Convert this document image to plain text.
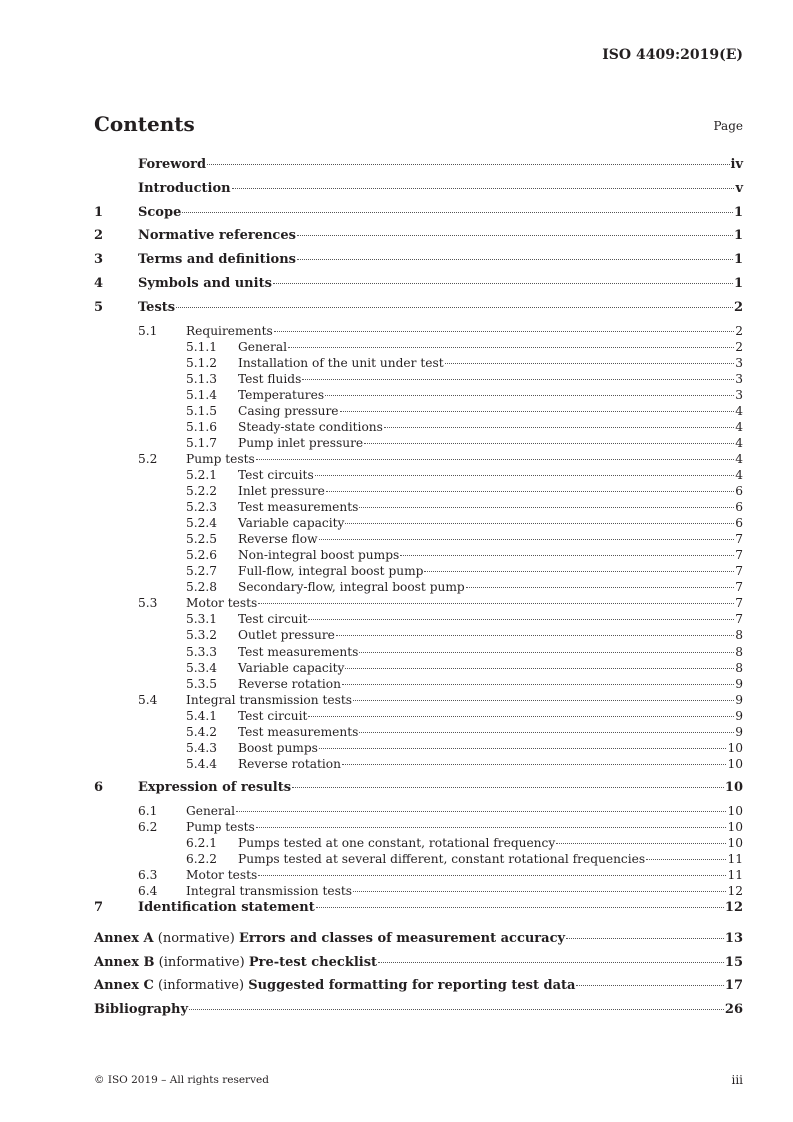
ISO 4409:2019(E)
Contents	Page
Foreword	iv
Introduction	v
1	Scope	1
2	Normative references	1
3	Terms and definitions	1
4	Symbols and units	1
5	Tests	2
5.1	Requirements	2
5.1.1	General	2
5.1.2	Installation of the unit under test	3
5.1.3	Test fluids	3
5.1.4	Temperatures	3
5.1.5	Casing pressure	4
5.1.6	Steady-state conditions	4
5.1.7	Pump inlet pressure	4
5.2	Pump tests	4
5.2.1	Test circuits	4
5.2.2	Inlet pressure	6
5.2.3	Test measurements	6
5.2.4	Variable capacity	6
5.2.5	Reverse flow	7
5.2.6	Non-integral boost pumps	7
5.2.7	Full-flow, integral boost pump	7
5.2.8	Secondary-flow, integral boost pump	7
5.3	Motor tests	7
5.3.1	Test circuit	7
5.3.2	Outlet pressure	8
5.3.3	Test measurements	8
5.3.4	Variable capacity	8
5.3.5	Reverse rotation	9
5.4	Integral transmission tests	9
5.4.1	Test circuit	9
5.4.2	Test measurements	9
5.4.3	Boost pumps	10
5.4.4	Reverse rotation	10
6	Expression of results	10
6.1	General	10
6.2	Pump tests	10
6.2.1	Pumps tested at one constant, rotational frequency	10
6.2.2	Pumps tested at several different, constant rotational frequencies	11
6.3	Motor tests	11
6.4	Integral transmission tests	12
7	Identification statement	12
Annex A (normative) Errors and classes of measurement accuracy	13
Annex B (informative) Pre-test checklist	15
Annex C (informative) Suggested formatting for reporting test data	17
Bibliography	26
© ISO 2019 – All rights reserved	iii
